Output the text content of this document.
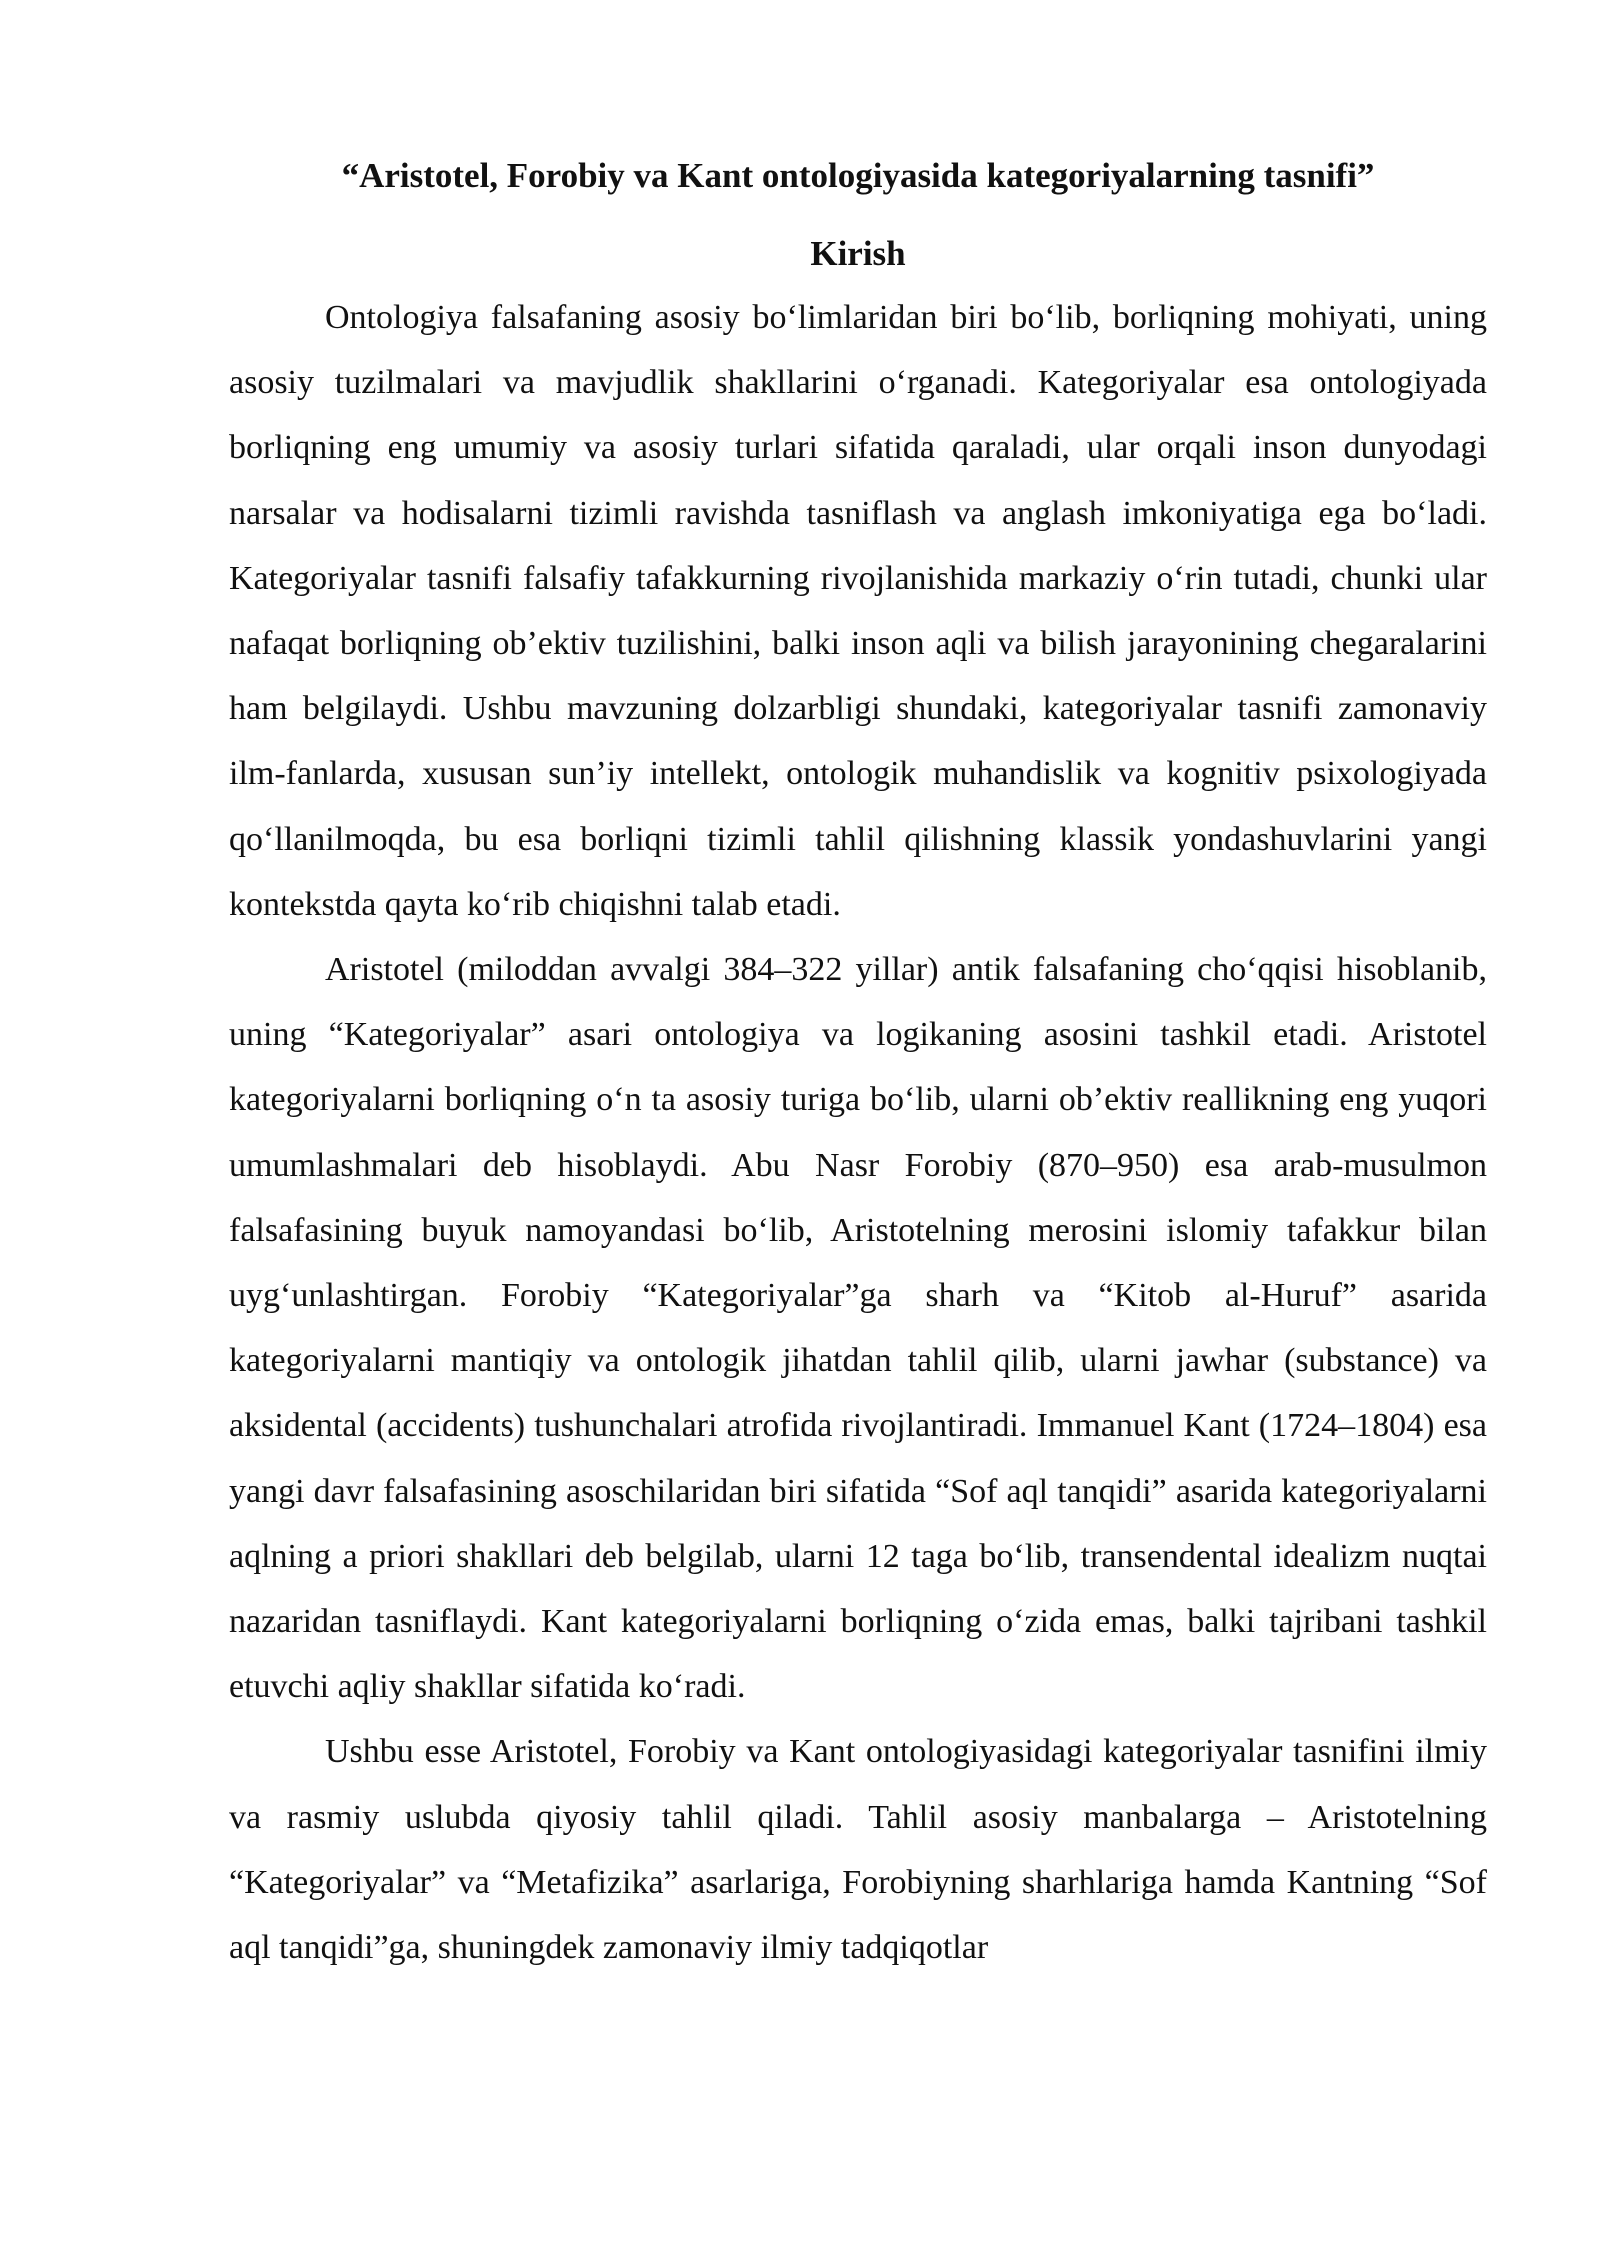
“Aristotel, Forobiy va Kant ontologiyasida kategoriyalarning tasnifi”
Kirish

Ontologiya falsafaning asosiy bo‘limlaridan biri bo‘lib, borliqning mohiyati, uning asosiy tuzilmalari va mavjudlik shakllarini o‘rganadi. Kategoriyalar esa ontologiyada borliqning eng umumiy va asosiy turlari sifatida qaraladi, ular orqali inson dunyodagi narsalar va hodisalarni tizimli ravishda tasniflash va anglash imkoniyatiga ega bo‘ladi. Kategoriyalar tasnifi falsafiy tafakkurning rivojlanishida markaziy o‘rin tutadi, chunki ular nafaqat borliqning ob’ektiv tuzilishini, balki inson aqli va bilish jarayonining chegaralarini ham belgilaydi. Ushbu mavzuning dolzarbligi shundaki, kategoriyalar tasnifi zamonaviy ilm-fanlarda, xususan sun’iy intellekt, ontologik muhandislik va kognitiv psixologiyada qo‘llanilmoqda, bu esa borliqni tizimli tahlil qilishning klassik yondashuvlarini yangi kontekstda qayta ko‘rib chiqishni talab etadi.

Aristotel (miloddan avvalgi 384–322 yillar) antik falsafaning cho‘qqisi hisoblanib, uning “Kategoriyalar” asari ontologiya va logikaning asosini tashkil etadi. Aristotel kategoriyalarni borliqning o‘n ta asosiy turiga bo‘lib, ularni ob’ektiv reallikning eng yuqori umumlashmalari deb hisoblaydi. Abu Nasr Forobiy (870–950) esa arab-musulmon falsafasining buyuk namoyandasi bo‘lib, Aristotelning merosini islomiy tafakkur bilan uyg‘unlashtirgan. Forobiy “Kategoriyalar”ga sharh va “Kitob al-Huruf” asarida kategoriyalarni mantiqiy va ontologik jihatdan tahlil qilib, ularni jawhar (substance) va aksidental (accidents) tushunchalari atrofida rivojlantiradi. Immanuel Kant (1724–1804) esa yangi davr falsafasining asoschilaridan biri sifatida “Sof aql tanqidi” asarida kategoriyalarni aqlning a priori shakllari deb belgilab, ularni 12 taga bo‘lib, transendental idealizm nuqtai nazaridan tasniflaydi. Kant kategoriyalarni borliqning o‘zida emas, balki tajribani tashkil etuvchi aqliy shakllar sifatida ko‘radi.

Ushbu esse Aristotel, Forobiy va Kant ontologiyasidagi kategoriyalar tasnifini ilmiy va rasmiy uslubda qiyosiy tahlil qiladi. Tahlil asosiy manbalarga – Aristotelning “Kategoriyalar” va “Metafizika” asarlariga, Forobiyning sharhlariga hamda Kantning “Sof aql tanqidi”ga, shuningdek zamonaviy ilmiy tadqiqotlar
